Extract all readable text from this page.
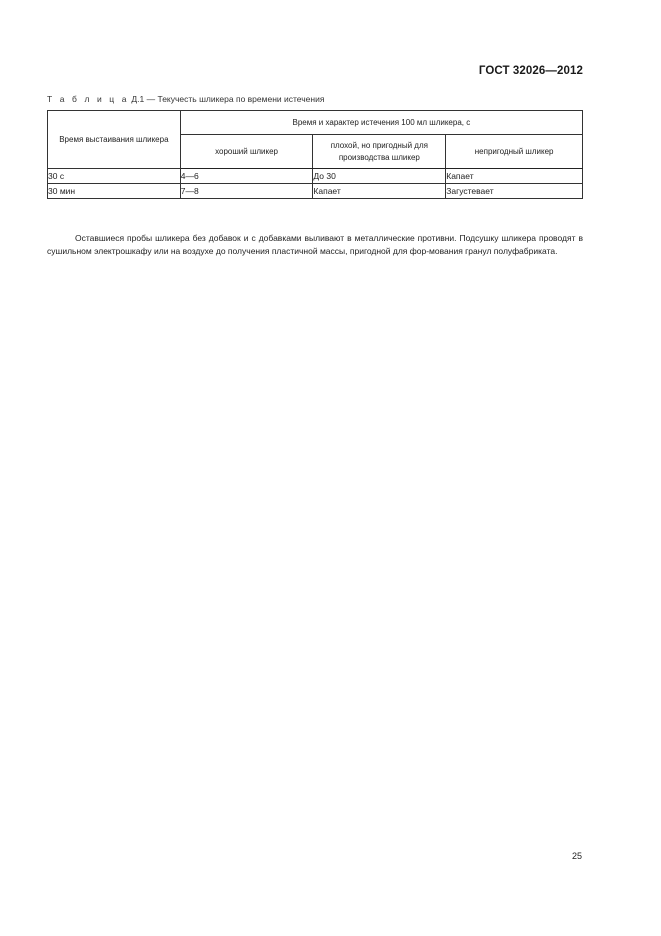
ГОСТ 32026—2012
Т а б л и ц а Д.1 — Текучесть шликера по времени истечения
Время выстаивания шликера	Время и характер истечения 100 мл шликера, с		
	хороший шликер	плохой, но пригодный для производства шликер	непригодный шликер
30 с	4—6	До 30	Капает
30 мин	7—8	Капает	Загустевает

Оставшиеся пробы шликера без добавок и с добавками выливают в металлические противни. Подсушку шликера проводят в сушильном электрошкафу или на воздухе до получения пластичной массы, пригодной для фор-мования гранул полуфабриката.

25
